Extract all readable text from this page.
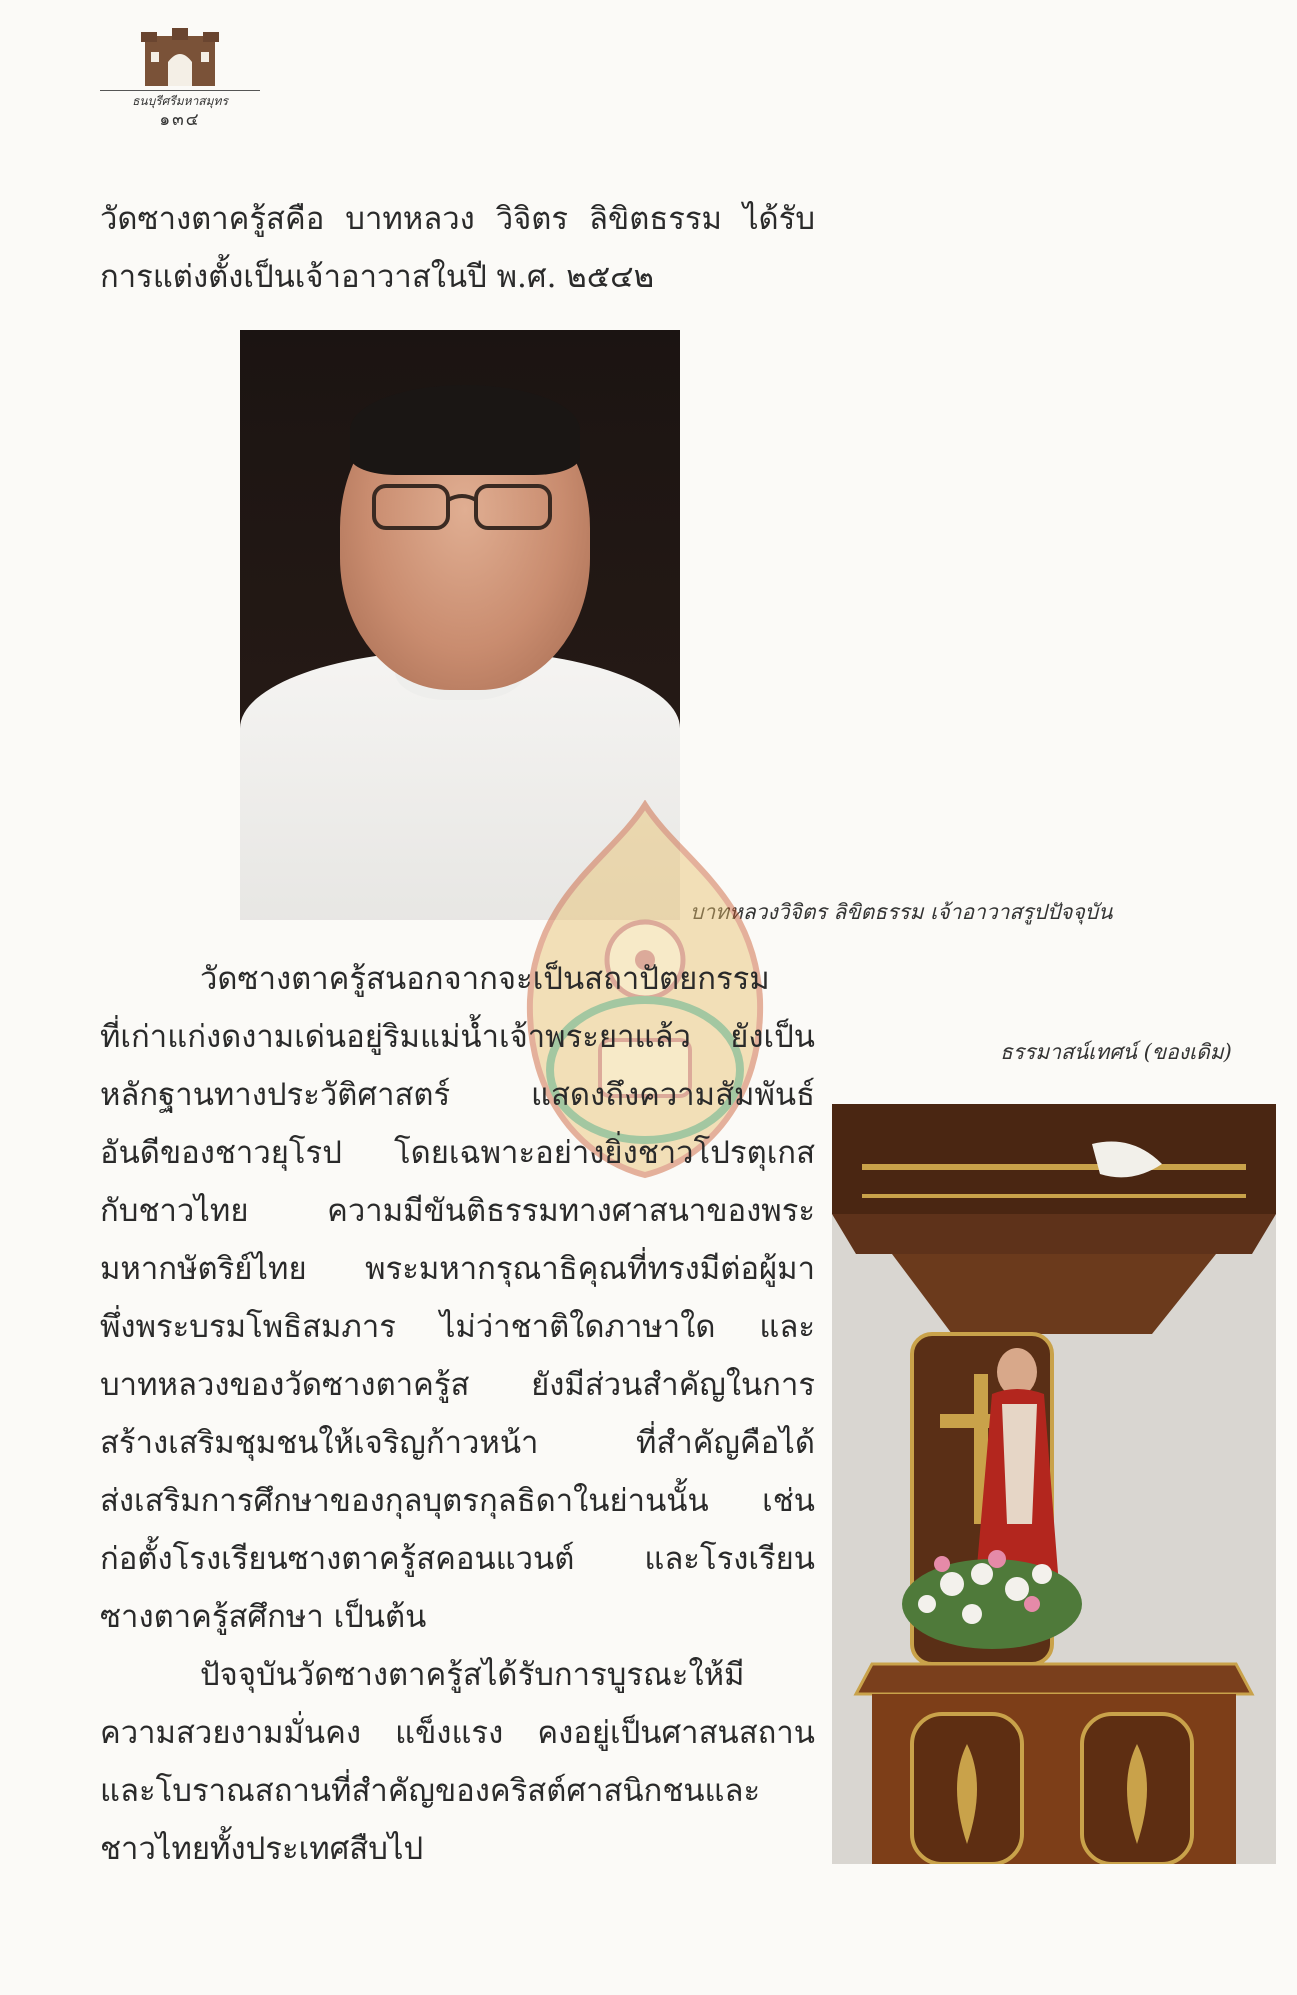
ธนบุรีศรีมหาสมุทร
๑๓๔
วัดซางตาครู้สคือ บาทหลวง วิจิตร ลิขิตธรรม ได้รับ
การแต่งตั้งเป็นเจ้าอาวาสในปี พ.ศ. ๒๕๔๒
บาทหลวงวิจิตร ลิขิตธรรม เจ้าอาวาสรูปปัจจุบัน

วัดซางตาครู้สนอกจากจะเป็นสถาปัตยกรรม

ที่เก่าแก่งดงามเด่นอยู่ริมแม่น้ำเจ้าพระยาแล้ว ยังเป็น

หลักฐานทางประวัติศาสตร์ แสดงถึงความสัมพันธ์

อันดีของชาวยุโรป โดยเฉพาะอย่างยิ่งชาวโปรตุเกส

กับชาวไทย ความมีขันติธรรมทางศาสนาของพระ

มหากษัตริย์ไทย พระมหากรุณาธิคุณที่ทรงมีต่อผู้มา

พึ่งพระบรมโพธิสมภาร ไม่ว่าชาติใดภาษาใด และ

บาทหลวงของวัดซางตาครู้ส ยังมีส่วนสำคัญในการ

สร้างเสริมชุมชนให้เจริญก้าวหน้า ที่สำคัญคือได้

ส่งเสริมการศึกษาของกุลบุตรกุลธิดาในย่านนั้น เช่น

ก่อตั้งโรงเรียนซางตาครู้สคอนแวนต์ และโรงเรียน

ซางตาครู้สศึกษา เป็นต้น

ปัจจุบันวัดซางตาครู้สได้รับการบูรณะให้มี

ความสวยงามมั่นคง แข็งแรง คงอยู่เป็นศาสนสถาน

และโบราณสถานที่สำคัญของคริสต์ศาสนิกชนและ

ชาวไทยทั้งประเทศสืบไป

ธรรมาสน์เทศน์ (ของเดิม)
